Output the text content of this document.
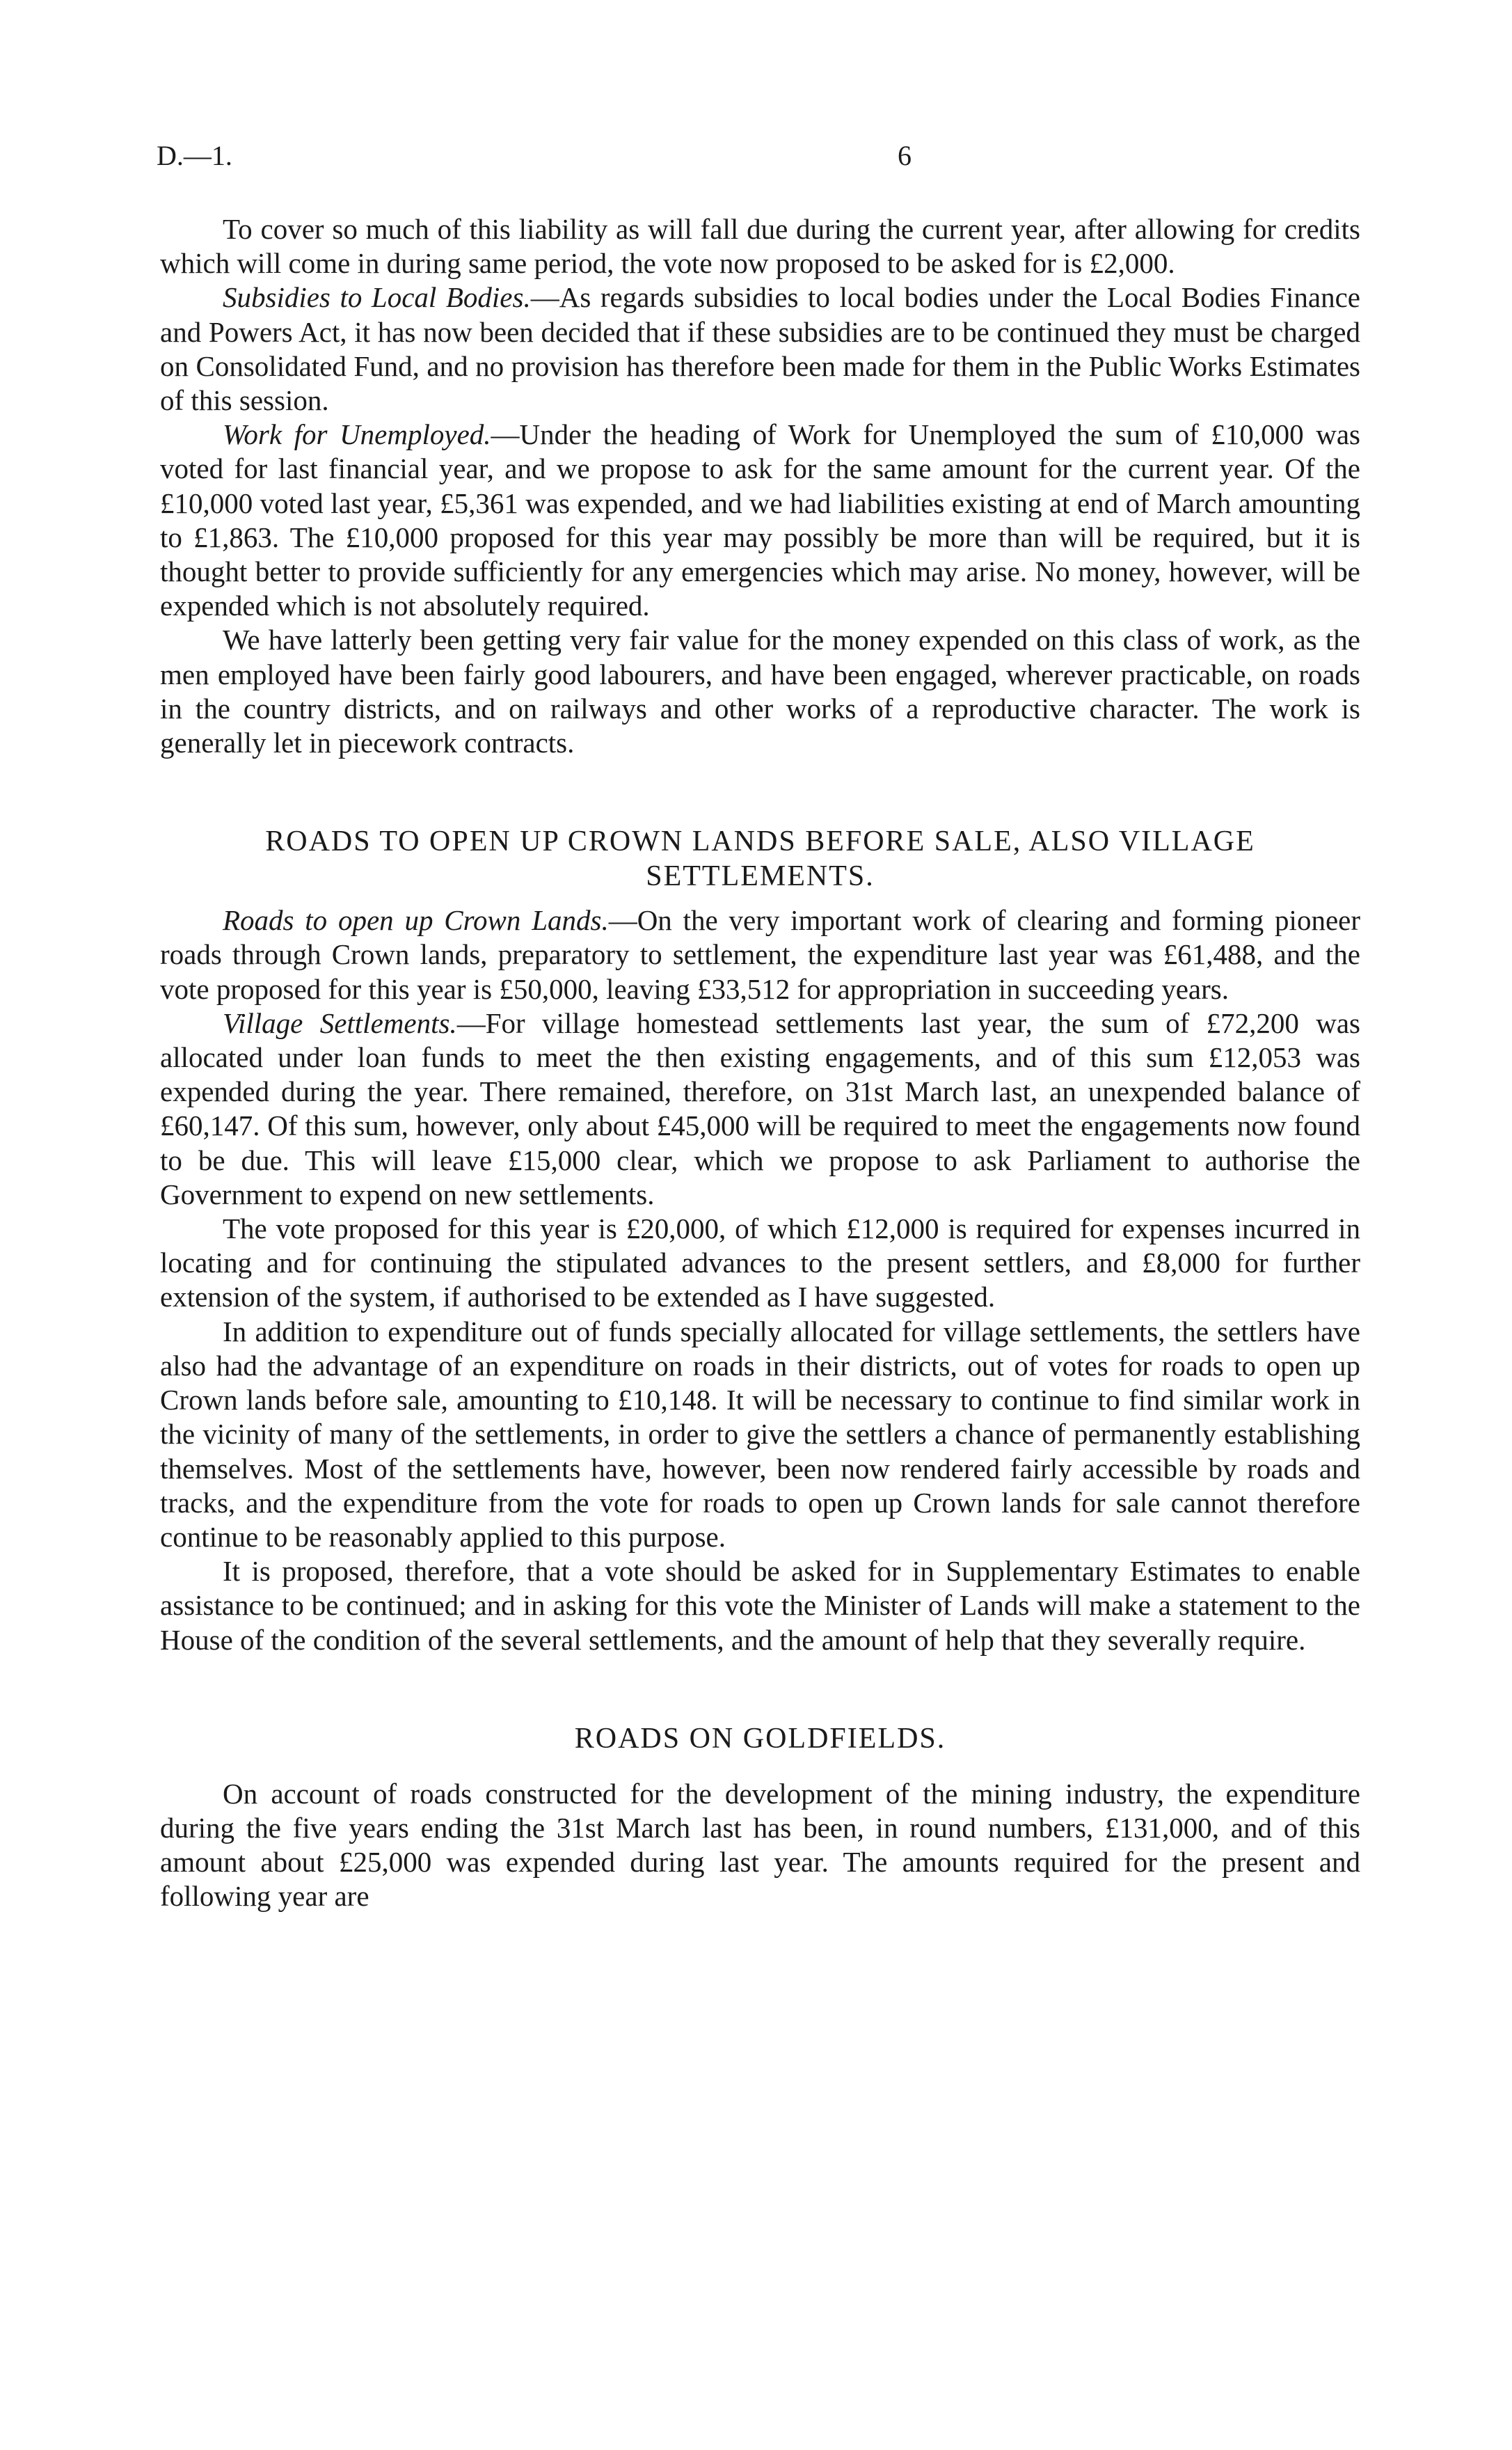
D.—1.	6

To cover so much of this liability as will fall due during the current year, after allowing for credits which will come in during same period, the vote now proposed to be asked for is £2,000.

Subsidies to Local Bodies.—As regards subsidies to local bodies under the Local Bodies Finance and Powers Act, it has now been decided that if these subsidies are to be continued they must be charged on Consolidated Fund, and no provision has therefore been made for them in the Public Works Estimates of this session.

Work for Unemployed.—Under the heading of Work for Unemployed the sum of £10,000 was voted for last financial year, and we propose to ask for the same amount for the current year. Of the £10,000 voted last year, £5,361 was expended, and we had liabilities existing at end of March amounting to £1,863. The £10,000 proposed for this year may possibly be more than will be required, but it is thought better to provide sufficiently for any emergencies which may arise. No money, however, will be expended which is not absolutely required.

We have latterly been getting very fair value for the money expended on this class of work, as the men employed have been fairly good labourers, and have been engaged, wherever practicable, on roads in the country districts, and on railways and other works of a reproductive character. The work is generally let in piecework contracts.

ROADS TO OPEN UP CROWN LANDS BEFORE SALE, ALSO VILLAGE SETTLEMENTS.

Roads to open up Crown Lands.—On the very important work of clearing and forming pioneer roads through Crown lands, preparatory to settlement, the expenditure last year was £61,488, and the vote proposed for this year is £50,000, leaving £33,512 for appropriation in succeeding years.

Village Settlements.—For village homestead settlements last year, the sum of £72,200 was allocated under loan funds to meet the then existing engagements, and of this sum £12,053 was expended during the year. There remained, therefore, on 31st March last, an unexpended balance of £60,147. Of this sum, however, only about £45,000 will be required to meet the engagements now found to be due. This will leave £15,000 clear, which we propose to ask Parliament to authorise the Government to expend on new settlements.

The vote proposed for this year is £20,000, of which £12,000 is required for expenses incurred in locating and for continuing the stipulated advances to the present settlers, and £8,000 for further extension of the system, if authorised to be extended as I have suggested.

In addition to expenditure out of funds specially allocated for village settlements, the settlers have also had the advantage of an expenditure on roads in their districts, out of votes for roads to open up Crown lands before sale, amounting to £10,148. It will be necessary to continue to find similar work in the vicinity of many of the settlements, in order to give the settlers a chance of permanently establishing themselves. Most of the settlements have, however, been now rendered fairly accessible by roads and tracks, and the expenditure from the vote for roads to open up Crown lands for sale cannot therefore continue to be reasonably applied to this purpose.

It is proposed, therefore, that a vote should be asked for in Supplementary Estimates to enable assistance to be continued; and in asking for this vote the Minister of Lands will make a statement to the House of the condition of the several settlements, and the amount of help that they severally require.

ROADS ON GOLDFIELDS.

On account of roads constructed for the development of the mining industry, the expenditure during the five years ending the 31st March last has been, in round numbers, £131,000, and of this amount about £25,000 was expended during last year. The amounts required for the present and following year are
